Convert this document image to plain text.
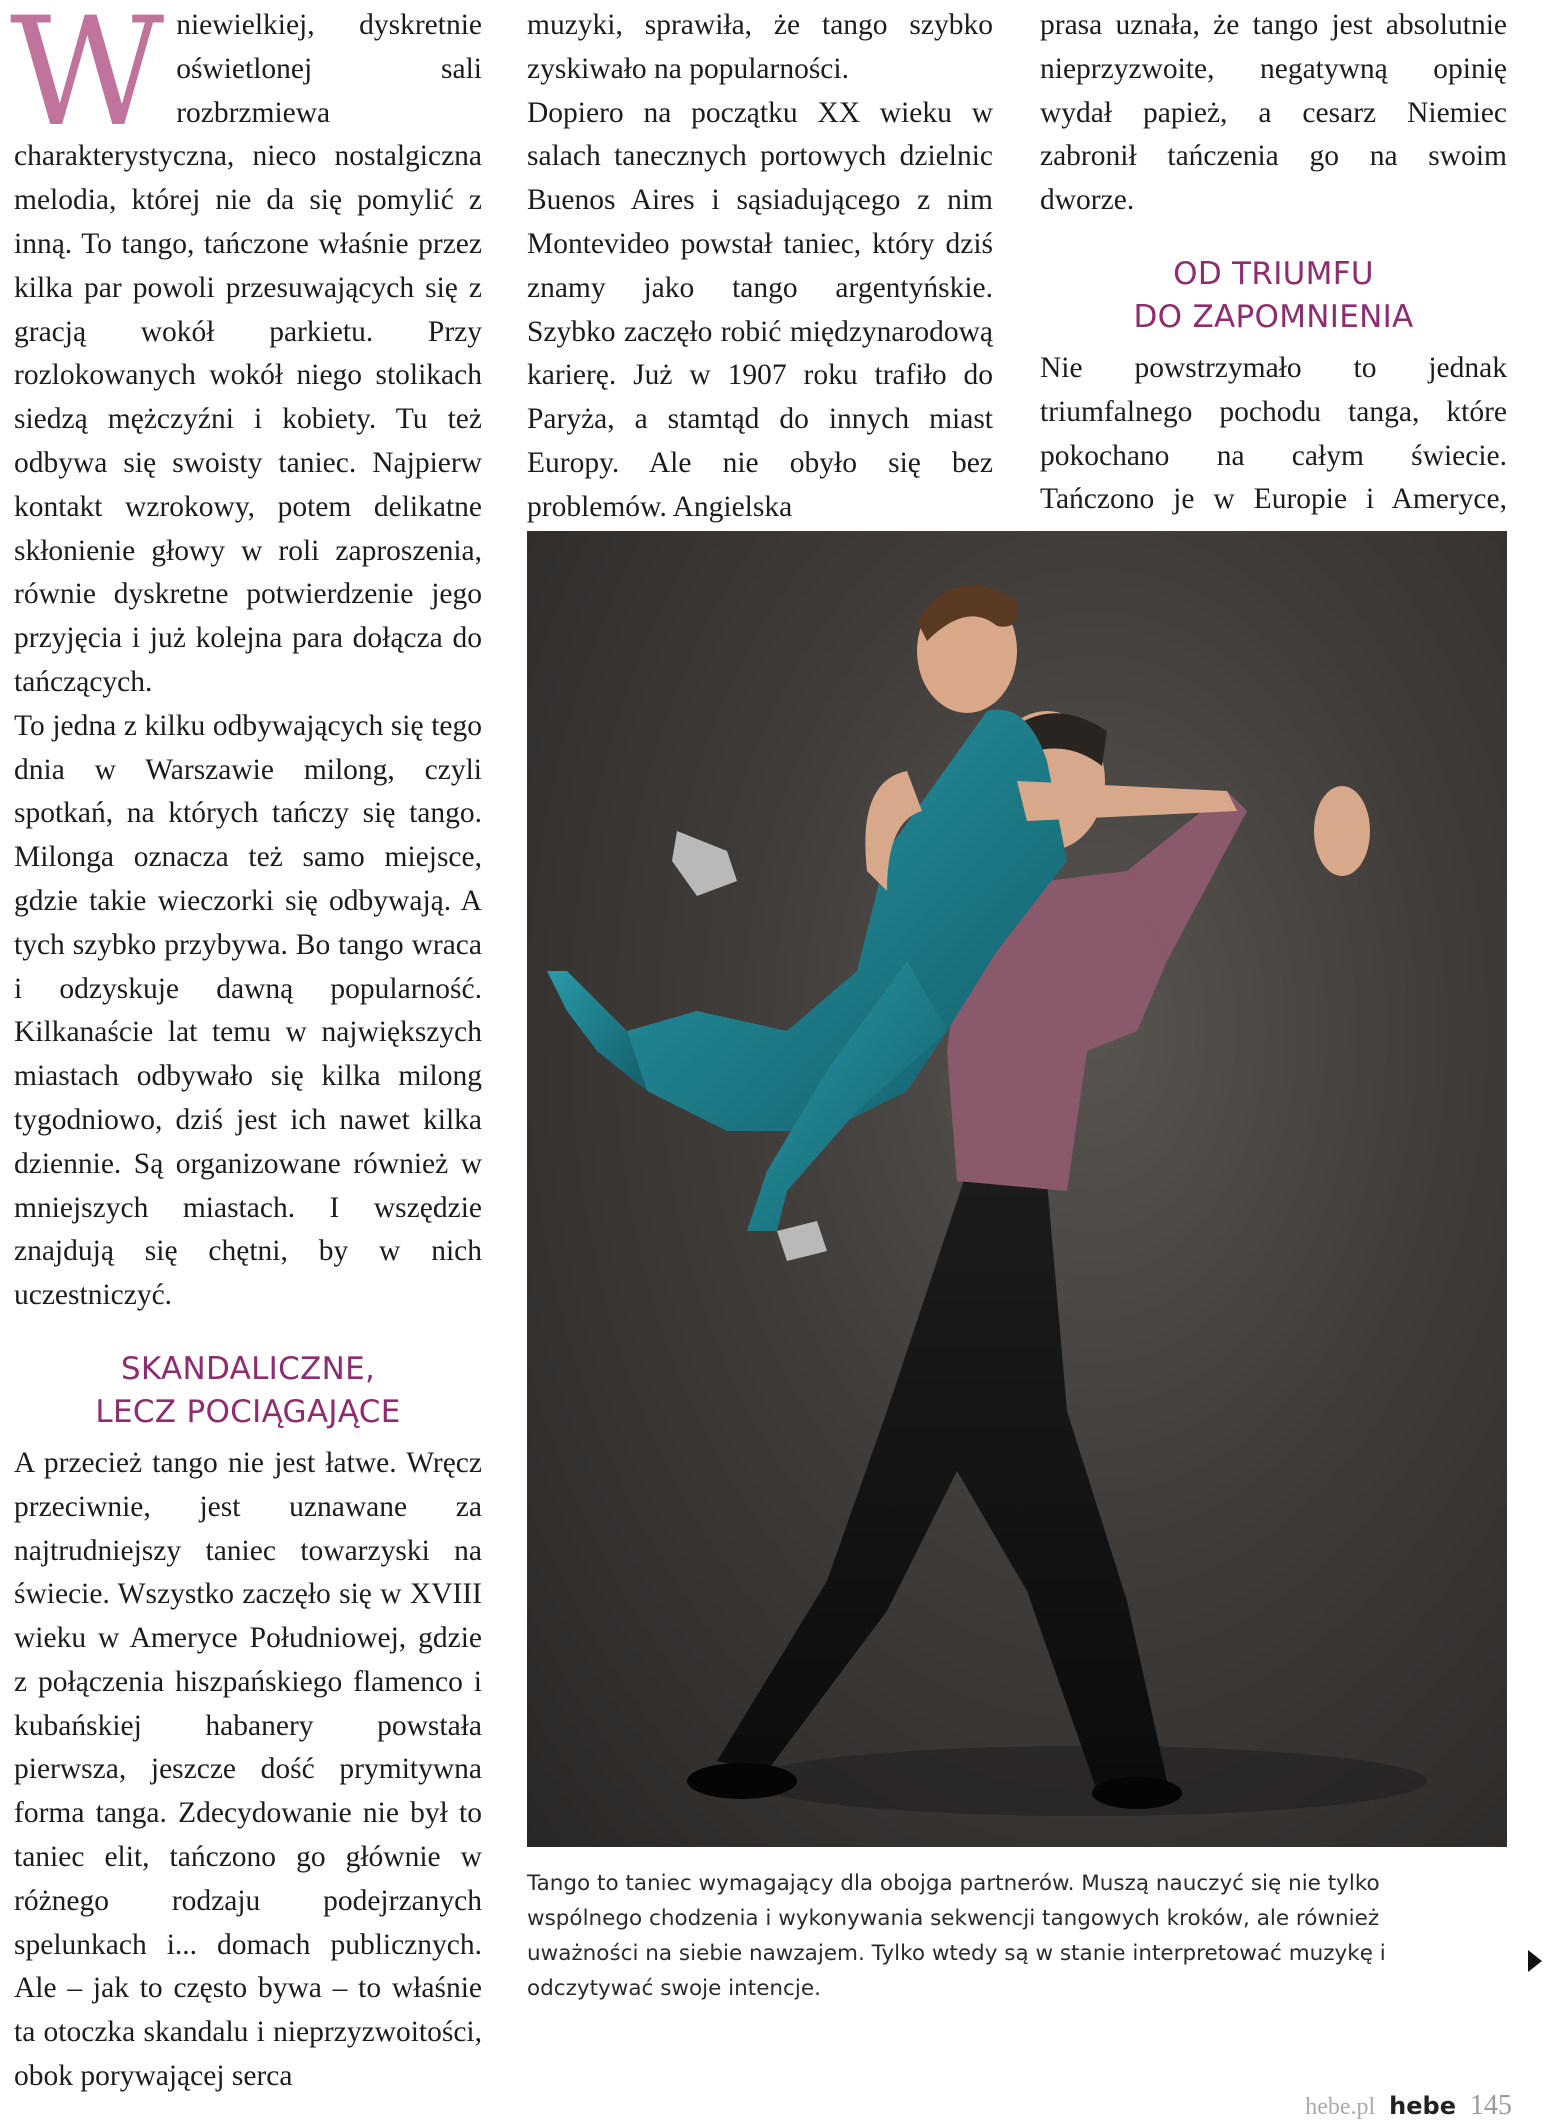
Wniewielkiej, dyskretnie oświetlonej sali rozbrzmiewa charakterystyczna, nieco nostalgiczna melodia, której nie da się pomylić z inną. To tango, tańczone właśnie przez kilka par powoli przesuwających się z gracją wokół parkietu. Przy rozlokowanych wokół niego stolikach siedzą mężczyźni i kobiety. Tu też odbywa się swoisty taniec. Najpierw kontakt wzrokowy, potem delikatne skłonienie głowy w roli zaproszenia, równie dyskretne potwierdzenie jego przyjęcia i już kolejna para dołącza do tańczących.

To jedna z kilku odbywających się tego dnia w Warszawie milong, czyli spotkań, na których tańczy się tango. Milonga oznacza też samo miejsce, gdzie takie wieczorki się odbywają. A tych szybko przybywa. Bo tango wraca i odzyskuje dawną popularność. Kilkanaście lat temu w największych miastach odbywało się kilka milong tygodniowo, dziś jest ich nawet kilka dziennie. Są organizowane również w mniejszych miastach. I wszędzie znajdują się chętni, by w nich uczestniczyć.

SKANDALICZNE,
LECZ POCIĄGAJĄCE

A przecież tango nie jest łatwe. Wręcz przeciwnie, jest uznawane za najtrudniejszy taniec towarzyski na świecie. Wszystko zaczęło się w XVIII wieku w Ameryce Południowej, gdzie z połączenia hiszpańskiego flamenco i kubańskiej habanery powstała pierwsza, jeszcze dość prymitywna forma tanga. Zdecydowanie nie był to taniec elit, tańczono go głównie w różnego rodzaju podejrzanych spelunkach i... domach publicznych. Ale – jak to często bywa – to właśnie ta otoczka skandalu i nieprzyzwoitości, obok porywającej serca

muzyki, sprawiła, że tango szybko zyskiwało na popularności.

Dopiero na początku XX wieku w salach tanecznych portowych dzielnic Buenos Aires i sąsiadującego z nim Montevideo powstał taniec, który dziś znamy jako tango argentyńskie. Szybko zaczęło robić międzynarodową karierę. Już w 1907 roku trafiło do Paryża, a stamtąd do innych miast Europy. Ale nie obyło się bez problemów. Angielska

prasa uznała, że tango jest absolutnie nieprzyzwoite, negatywną opinię wydał papież, a cesarz Niemiec zabronił tańczenia go na swoim dworze.

OD TRIUMFU
DO ZAPOMNIENIA

Nie powstrzymało to jednak triumfalnego pochodu tanga, które pokochano na całym świecie. Tańczono je w Europie i Ameryce,

Tango to taniec wymagający dla obojga partnerów. Muszą nauczyć się nie tylko wspólnego chodzenia i wykonywania sekwencji tangowych kroków, ale również uważności na siebie nawzajem. Tylko wtedy są w stanie interpretować muzykę i odczytywać swoje intencje.

hebe.pl hebe 145
